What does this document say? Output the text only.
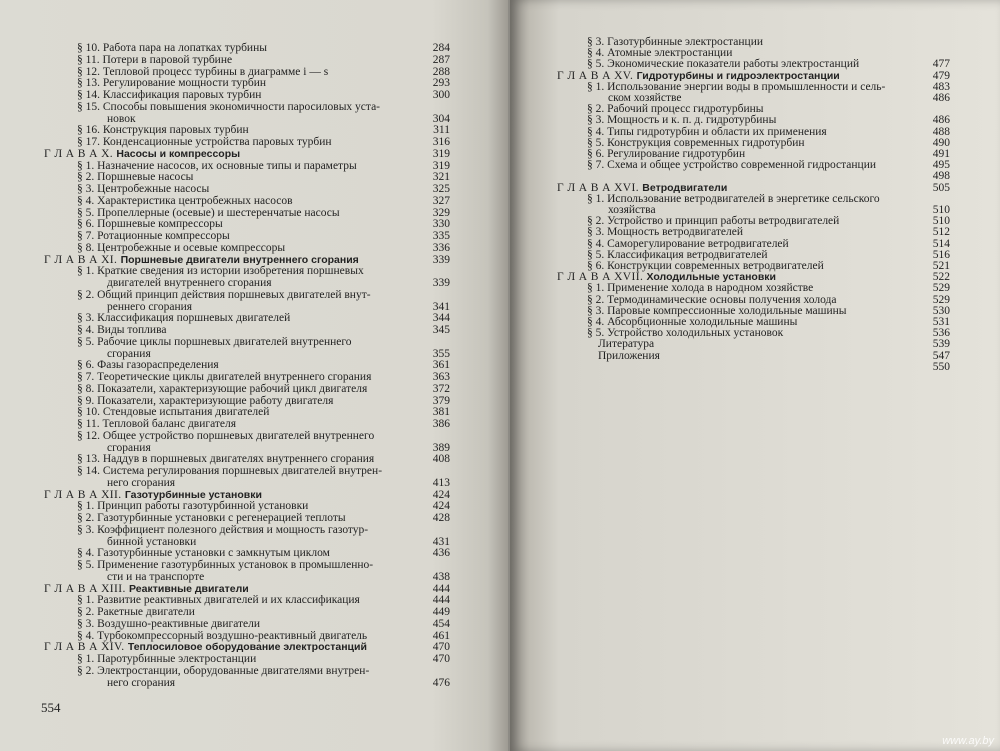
§ 10. Работа пара на лопатках турбины	284
§ 11. Потери в паровой турбине	287
§ 12. Тепловой процесс турбины в диаграмме i — s	288
§ 13. Регулирование мощности турбин	293
§ 14. Классификация паровых турбин	300
§ 15. Способы повышения экономичности паросиловых уста-
новок	304
§ 16. Конструкция паровых турбин	311
§ 17. Конденсационные устройства паровых турбин	316
Г Л А В А X. Насосы и компрессоры	319
§ 1. Назначение насосов, их основные типы и параметры	319
§ 2. Поршневые насосы	321
§ 3. Центробежные насосы	325
§ 4. Характеристика центробежных насосов	327
§ 5. Пропеллерные (осевые) и шестеренчатые насосы	329
§ 6. Поршневые компрессоры	330
§ 7. Ротационные компрессоры	335
§ 8. Центробежные и осевые компрессоры	336
Г Л А В А XI. Поршневые двигатели внутреннего сгорания	339
§ 1. Краткие сведения из истории изобретения поршневых
двигателей внутреннего сгорания	339
§ 2. Общий принцип действия поршневых двигателей внут-
реннего сгорания	341
§ 3. Классификация поршневых двигателей	344
§ 4. Виды топлива	345
§ 5. Рабочие циклы поршневых двигателей внутреннего
сгорания	355
§ 6. Фазы газораспределения	361
§ 7. Теоретические циклы двигателей внутреннего сгорания	363
§ 8. Показатели, характеризующие рабочий цикл двигателя	372
§ 9. Показатели, характеризующие работу двигателя	379
§ 10. Стендовые испытания двигателей	381
§ 11. Тепловой баланс двигателя	386
§ 12. Общее устройство поршневых двигателей внутреннего
сгорания	389
§ 13. Наддув в поршневых двигателях внутреннего сгорания	408
§ 14. Система регулирования поршневых двигателей внутрен-
него сгорания	413
Г Л А В А XII. Газотурбинные установки	424
§ 1. Принцип работы газотурбинной установки	424
§ 2. Газотурбинные установки с регенерацией теплоты	428
§ 3. Коэффициент полезного действия и мощность газотур-
бинной установки	431
§ 4. Газотурбинные установки с замкнутым циклом	436
§ 5. Применение газотурбинных установок в промышленно-
сти и на транспорте	438
Г Л А В А XIII. Реактивные двигатели	444
§ 1. Развитие реактивных двигателей и их классификация	444
§ 2. Ракетные двигатели	449
§ 3. Воздушно-реактивные двигатели	454
§ 4. Турбокомпрессорный воздушно-реактивный двигатель	461
Г Л А В А XIV. Теплосиловое оборудование электростанций	470
§ 1. Паротурбинные электростанции	470
§ 2. Электростанции, оборудованные двигателями внутрен-
него сгорания	476
554
§ 3. Газотурбинные электростанции
§ 4. Атомные электростанции
§ 5. Экономические показатели работы электростанций	477
Г Л А В А XV. Гидротурбины и гидроэлектростанции	479
§ 1. Использование энергии воды в промышленности и сель-	483
ском хозяйстве	486
§ 2. Рабочий процесс гидротурбины
§ 3. Мощность и к. п. д. гидротурбины	486
§ 4. Типы гидротурбин и области их применения	488
§ 5. Конструкция современных гидротурбин	490
§ 6. Регулирование гидротурбин	491
§ 7. Схема и общее устройство современной гидростанции	495
498
Г Л А В А XVI. Ветродвигатели	505
§ 1. Использование ветродвигателей в энергетике сельского
хозяйства	510
§ 2. Устройство и принцип работы ветродвигателей	510
§ 3. Мощность ветродвигателей	512
§ 4. Саморегулирование ветродвигателей	514
§ 5. Классификация ветродвигателей	516
§ 6. Конструкции современных ветродвигателей	521
Г Л А В А XVII. Холодильные установки	522
§ 1. Применение холода в народном хозяйстве	529
§ 2. Термодинамические основы получения холода	529
§ 3. Паровые компрессионные холодильные машины	530
§ 4. Абсорбционные холодильные машины	531
§ 5. Устройство холодильных установок	536
Литература	539
Приложения	547
550
www.ay.by
